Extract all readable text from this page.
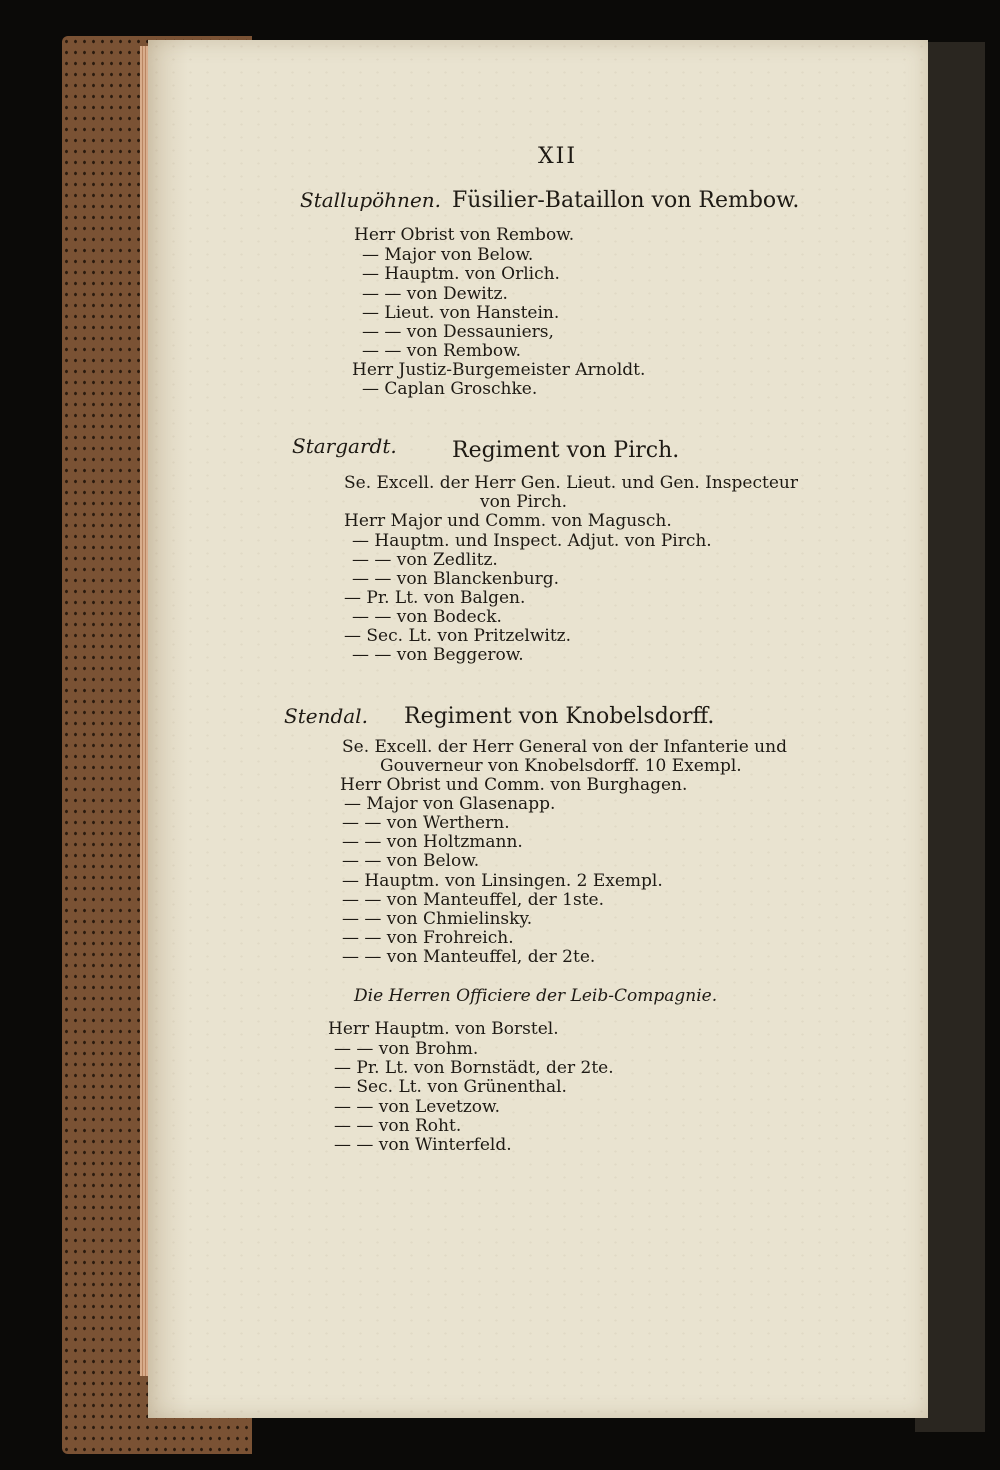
XII
Stallupöhnen. Füsilier-Bataillon von Rembow.
Herr Obrist von Rembow.
— Major von Below.
— Hauptm. von Orlich.
— — von Dewitz.
— Lieut. von Hanstein.
— — von Dessauniers,
— — von Rembow.
Herr Justiz-Burgemeister Arnoldt.
— Caplan Groschke.
Stargardt.	Regiment von Pirch.
Se. Excell. der Herr Gen. Lieut. und Gen. Inspecteur
von Pirch.
Herr Major und Comm. von Magusch.
— Hauptm. und Inspect. Adjut. von Pirch.
— — von Zedlitz.
— — von Blanckenburg.
— Pr. Lt. von Balgen.
— — von Bodeck.
— Sec. Lt. von Pritzelwitz.
— — von Beggerow.
Stendal. Regiment von Knobelsdorff.
Se. Excell. der Herr General von der Infanterie und
Gouverneur von Knobelsdorff. 10 Exempl.
Herr Obrist und Comm. von Burghagen.
— Major von Glasenapp.
— — von Werthern.
— — von Holtzmann.
— — von Below.
— Hauptm. von Linsingen. 2 Exempl.
— — von Manteuffel, der 1ste.
— — von Chmielinsky.
— — von Frohreich.
— — von Manteuffel, der 2te.
Die Herren Officiere der Leib-Compagnie.
Herr Hauptm. von Borstel.
— — von Brohm.
— Pr. Lt. von Bornstädt, der 2te.
— Sec. Lt. von Grünenthal.
— — von Levetzow.
— — von Roht.
— — von Winterfeld.
